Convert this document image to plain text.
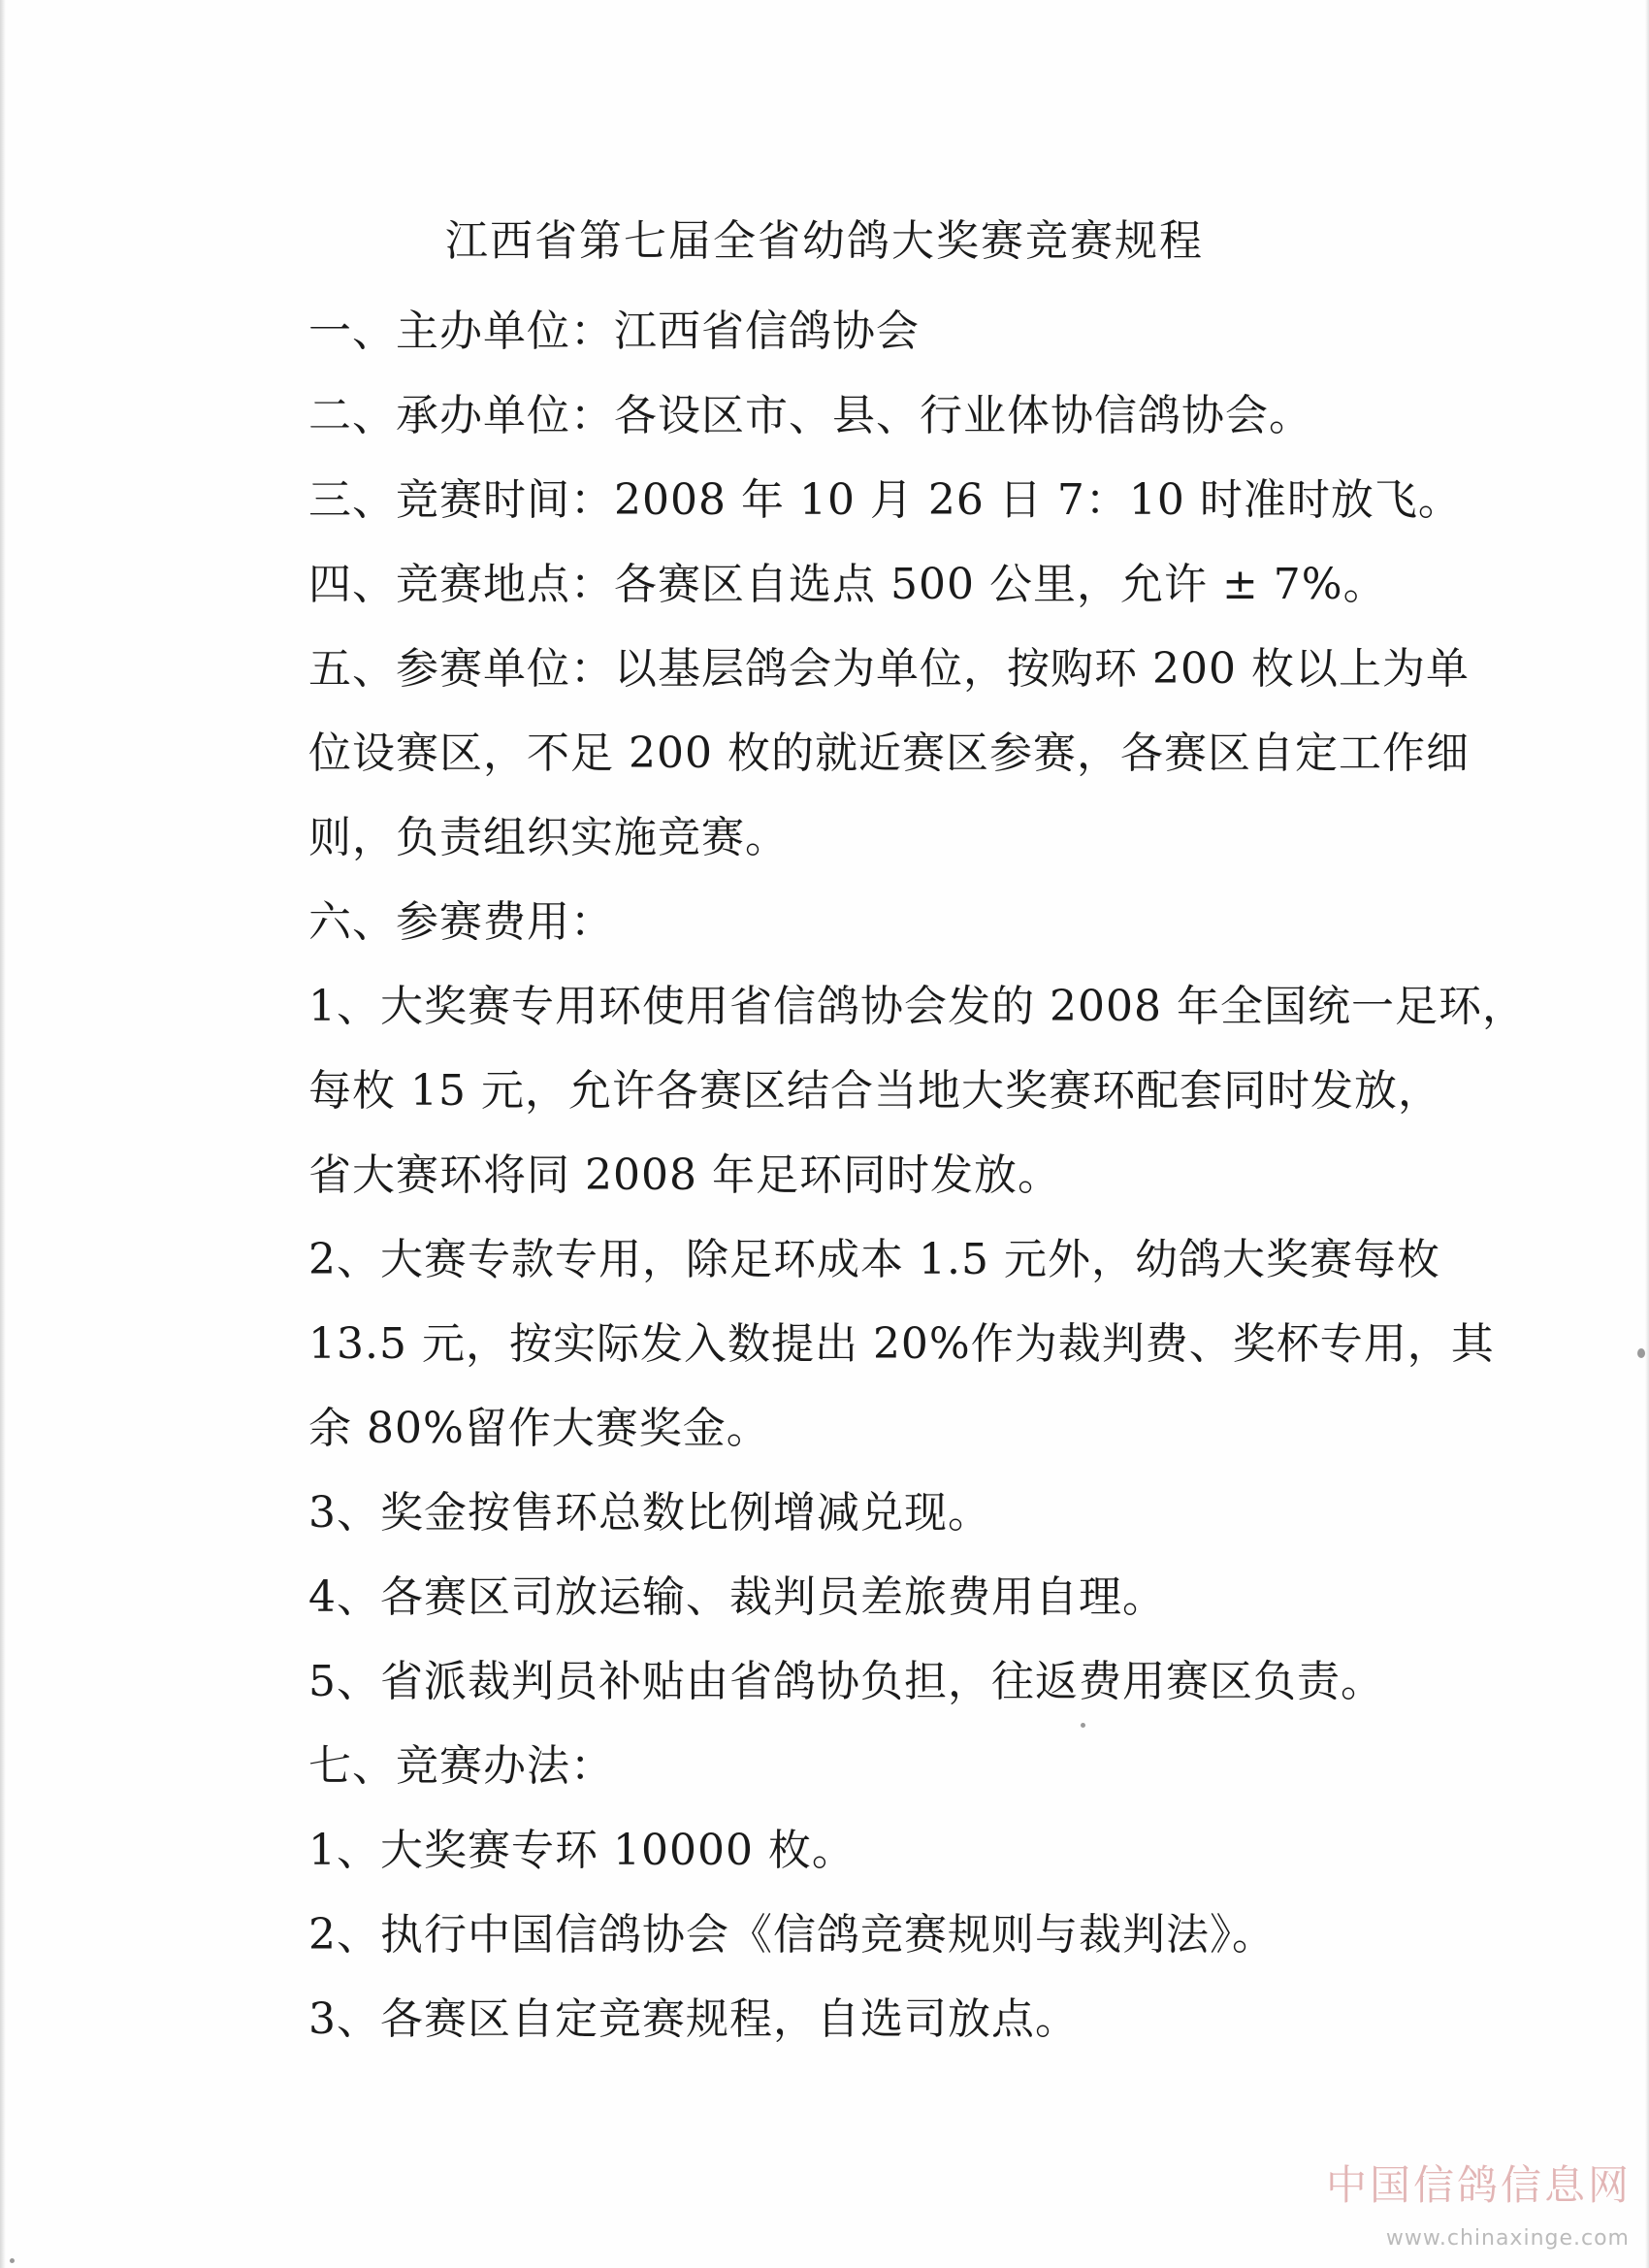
江西省第七届全省幼鸽大奖赛竞赛规程
一、主办单位：江西省信鸽协会
二、承办单位：各设区市、县、行业体协信鸽协会。
三、竞赛时间：2008 年 10 月 26 日 7：10 时准时放飞。
四、竞赛地点：各赛区自选点 500 公里，允许 ± 7%。
五、参赛单位：以基层鸽会为单位，按购环 200 枚以上为单
位设赛区，不足 200 枚的就近赛区参赛，各赛区自定工作细
则，负责组织实施竞赛。
六、参赛费用：
1、大奖赛专用环使用省信鸽协会发的 2008 年全国统一足环，
每枚 15 元，允许各赛区结合当地大奖赛环配套同时发放，
省大赛环将同 2008 年足环同时发放。
2、大赛专款专用，除足环成本 1.5 元外，幼鸽大奖赛每枚
13.5 元，按实际发入数提出 20%作为裁判费、奖杯专用，其
余 80%留作大赛奖金。
3、奖金按售环总数比例增减兑现。
4、各赛区司放运输、裁判员差旅费用自理。
5、省派裁判员补贴由省鸽协负担，往返费用赛区负责。
七、竞赛办法：
1、大奖赛专环 10000 枚。
2、执行中国信鸽协会《信鸽竞赛规则与裁判法》。
3、各赛区自定竞赛规程，自选司放点。
中国信鸽信息网
www.chinaxinge.com
